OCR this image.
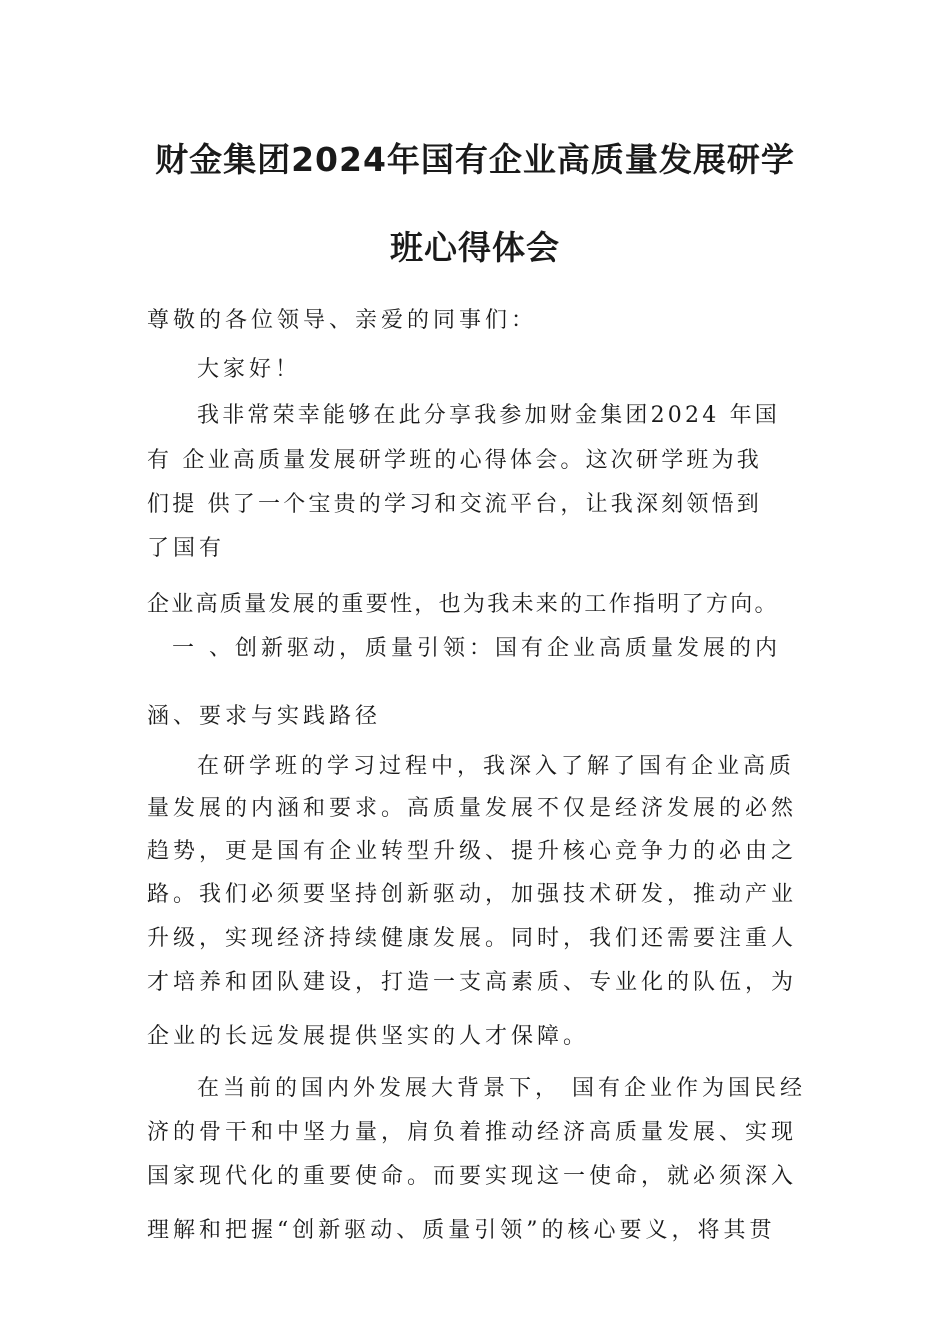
财金集团2024年国有企业高质量发展研学
班心得体会
尊敬的各位领导、亲爱的同事们：
大家好！
我非常荣幸能够在此分享我参加财金集团2024 年国
有 企业高质量发展研学班的心得体会。这次研学班为我
们提 供了一个宝贵的学习和交流平台，让我深刻领悟到
了国有
企业高质量发展的重要性，也为我未来的工作指明了方向。
一 、创新驱动，质量引领：国有企业高质量发展的内
涵、要求与实践路径
在研学班的学习过程中，我深入了解了国有企业高质
量发展的内涵和要求。高质量发展不仅是经济发展的必然
趋势，更是国有企业转型升级、提升核心竞争力的必由之
路。我们必须要坚持创新驱动，加强技术研发，推动产业
升级，实现经济持续健康发展。同时，我们还需要注重人
才培养和团队建设，打造一支高素质、专业化的队伍，为
企业的长远发展提供坚实的人才保障。
在当前的国内外发展大背景下， 国有企业作为国民经
济的骨干和中坚力量，肩负着推动经济高质量发展、实现
国家现代化的重要使命。而要实现这一使命，就必须深入
理解和把握“创新驱动、质量引领”的核心要义，将其贯
